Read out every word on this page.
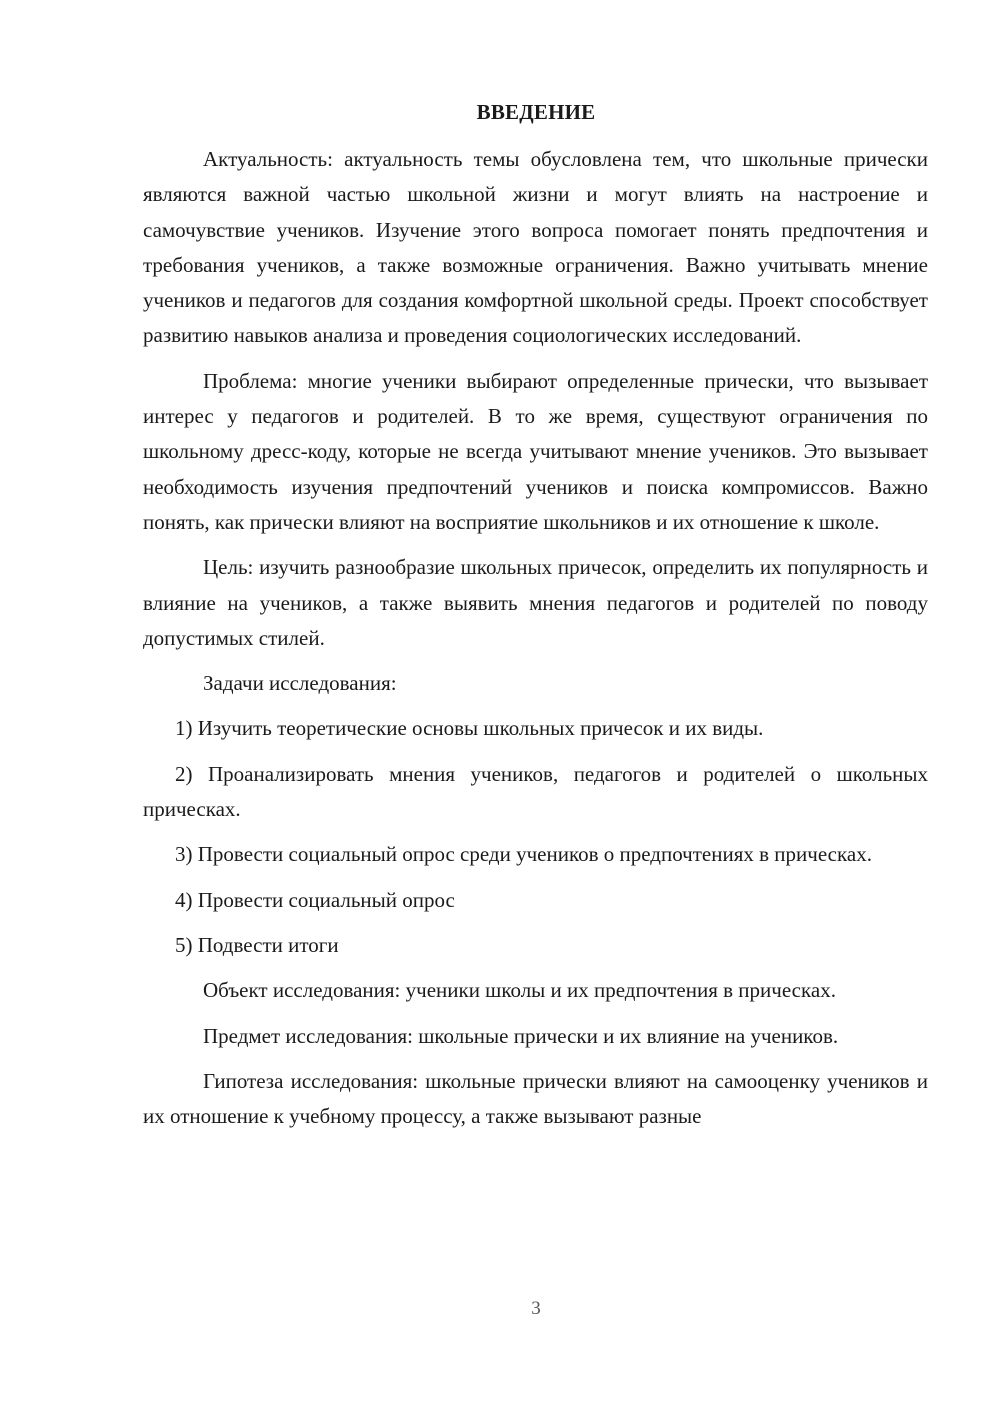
ВВЕДЕНИЕ

Актуальность: актуальность темы обусловлена тем, что школьные прически являются важной частью школьной жизни и могут влиять на настроение и самочувствие учеников. Изучение этого вопроса помогает понять предпочтения и требования учеников, а также возможные ограничения. Важно учитывать мнение учеников и педагогов для создания комфортной школьной среды. Проект способствует развитию навыков анализа и проведения социологических исследований.

Проблема: многие ученики выбирают определенные прически, что вызывает интерес у педагогов и родителей. В то же время, существуют ограничения по школьному дресс-коду, которые не всегда учитывают мнение учеников. Это вызывает необходимость изучения предпочтений учеников и поиска компромиссов. Важно понять, как прически влияют на восприятие школьников и их отношение к школе.

Цель: изучить разнообразие школьных причесок, определить их популярность и влияние на учеников, а также выявить мнения педагогов и родителей по поводу допустимых стилей.

Задачи исследования:

1) Изучить теоретические основы школьных причесок и их виды.

2) Проанализировать мнения учеников, педагогов и родителей о школьных прическах.

3) Провести социальный опрос среди учеников о предпочтениях в прическах.

4) Провести социальный опрос

5) Подвести итоги

Объект исследования: ученики школы и их предпочтения в прическах.

Предмет исследования: школьные прически и их влияние на учеников.

Гипотеза исследования: школьные прически влияют на самооценку учеников и их отношение к учебному процессу, а также вызывают разные

3
